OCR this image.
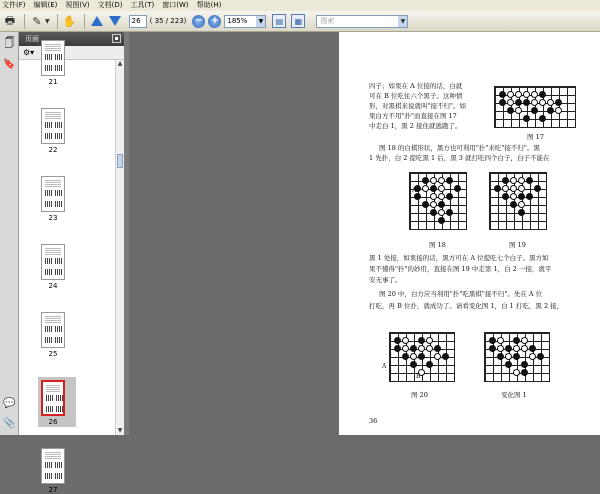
文件(F) 编辑(E) 视图(V) 文档(D) 工具(T) 窗口(W) 帮助(H)
🖶	✎ ▼ ✋	26	( 35 / 223) − +	185%	▼	▤	▦	搜索	▼
🗍
🔖
💬
📎
页面	▪
⚙▾
21
22
23
24
25
26
27
▲
▼
四子；如果在 A 位接的话，白就
可在 B 位吃住六个黑子。这种情
形，对黑棋来说就叫"接不归"。如
果白方不用"扑"而直接在图 17
中走白 1，黑 2 接住就逃跑了。
图 17
图 18 的白棋形状，黑方也可利用"扑"来吃"接不归"。黑
1 先扑，白 2 提吃黑 1 后，黑 3 就打吃四个白子，白子不能在
A
图 18	图 19
黑 1 处接，如果接的话，黑方可在 A 位提吃七个白子。黑方如
果不懂得"扑"的妙用，直接在图 19 中走第 1，白 2 一接，就平
安无事了。
图 20 中，白方应当利用"扑"吃黑棋"接不归"。先在 A 位
打吃，再 B 位扑，就成功了。请看变化图 1，白 1 打吃，黑 2 接，
A
B
图 20	变化图 1
36
